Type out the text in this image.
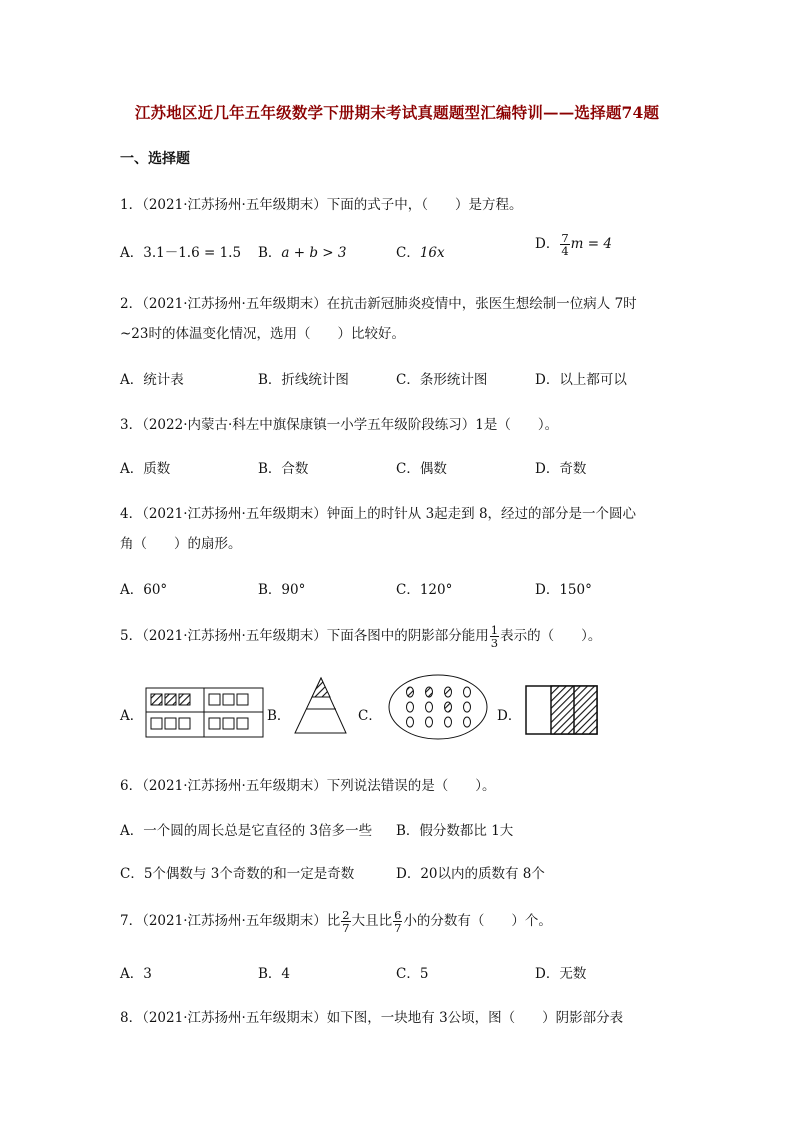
江苏地区近几年五年级数学下册期末考试真题题型汇编特训——选择题74题
一、选择题
1．（2021·江苏扬州·五年级期末）下面的式子中，（　　）是方程。
A．3.1－1.6 = 1.5 B．a + b > 3	C．16x
D． $\frac{7}{4}$ m = 4
2．（2021·江苏扬州·五年级期末）在抗击新冠肺炎疫情中，张医生想绘制一位病人 7时
~23时的体温变化情况，选用（　　）比较好。
A．统计表	B．折线统计图	C．条形统计图	D．以上都可以
3．（2022·内蒙古·科左中旗保康镇一小学五年级阶段练习）1是（　　）。
A．质数	B．合数	C．偶数	D．奇数
4．（2021·江苏扬州·五年级期末）钟面上的时针从 3起走到 8，经过的部分是一个圆心
角（　　）的扇形。
A．60°	B．90°	C．120°	D．150°
5．（2021·江苏扬州·五年级期末）下面各图中的阴影部分能用 $\frac{1}{3}$ 表示的（　　）。
A．	B．	C．	D．
6．（2021·江苏扬州·五年级期末）下列说法错误的是（　　）。
A．一个圆的周长总是它直径的 3倍多一些 B．假分数都比 1大
C．5个偶数与 3个奇数的和一定是奇数	D．20以内的质数有 8个
7．（2021·江苏扬州·五年级期末）比 $\frac{2}{7}$ 大且比 $\frac{6}{7}$ 小的分数有（　　）个。
A．3	B．4	C．5	D．无数
8．（2021·江苏扬州·五年级期末）如下图，一块地有 3公顷，图（　　）阴影部分表
